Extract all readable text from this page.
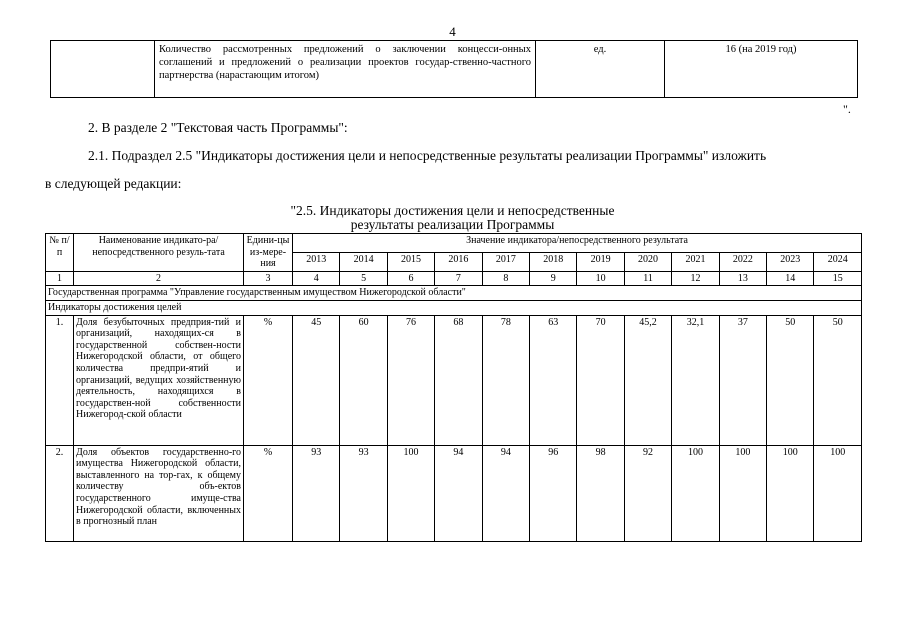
4
	Количество рассмотренных предложений о заключении концесси-онных соглашений и предложений о реализации проектов государ-ственно-частного партнерства (нарастающим итогом)	ед.	16 (на 2019 год)
".
2. В разделе 2 "Текстовая часть Программы":
2.1. Подраздел 2.5 "Индикаторы достижения цели и непосредственные результаты реализации Программы" изложить
в следующей редакции:
"2.5. Индикаторы достижения цели и непосредственные
результаты реализации Программы
№ п/п	Наименование индикато-ра/непосредственного резуль-тата	Едини-цы из-мере-ния	Значение индикатора/непосредственного результата											
			2013	2014	2015	2016	2017	2018	2019	2020	2021	2022	2023	2024
1	2	3	4	5	6	7	8	9	10	11	12	13	14	15
Государственная программа "Управление государственным имуществом Нижегородской области"														
Индикаторы достижения целей														
1.	Доля безубыточных предприя-тий и организаций, находящих-ся в государственной собствен-ности Нижегородской области, от общего количества предпри-ятий и организаций, ведущих хозяйственную деятельность, находящихся в государствен-ной собственности Нижегород-ской области	%	45	60	76	68	78	63	70	45,2	32,1	37	50	50
2.	Доля объектов государственно-го имущества Нижегородской области, выставленного на тор-гах, к общему количеству объ-ектов государственного имуще-ства Нижегородской области, включенных в прогнозный план	%	93	93	100	94	94	96	98	92	100	100	100	100
